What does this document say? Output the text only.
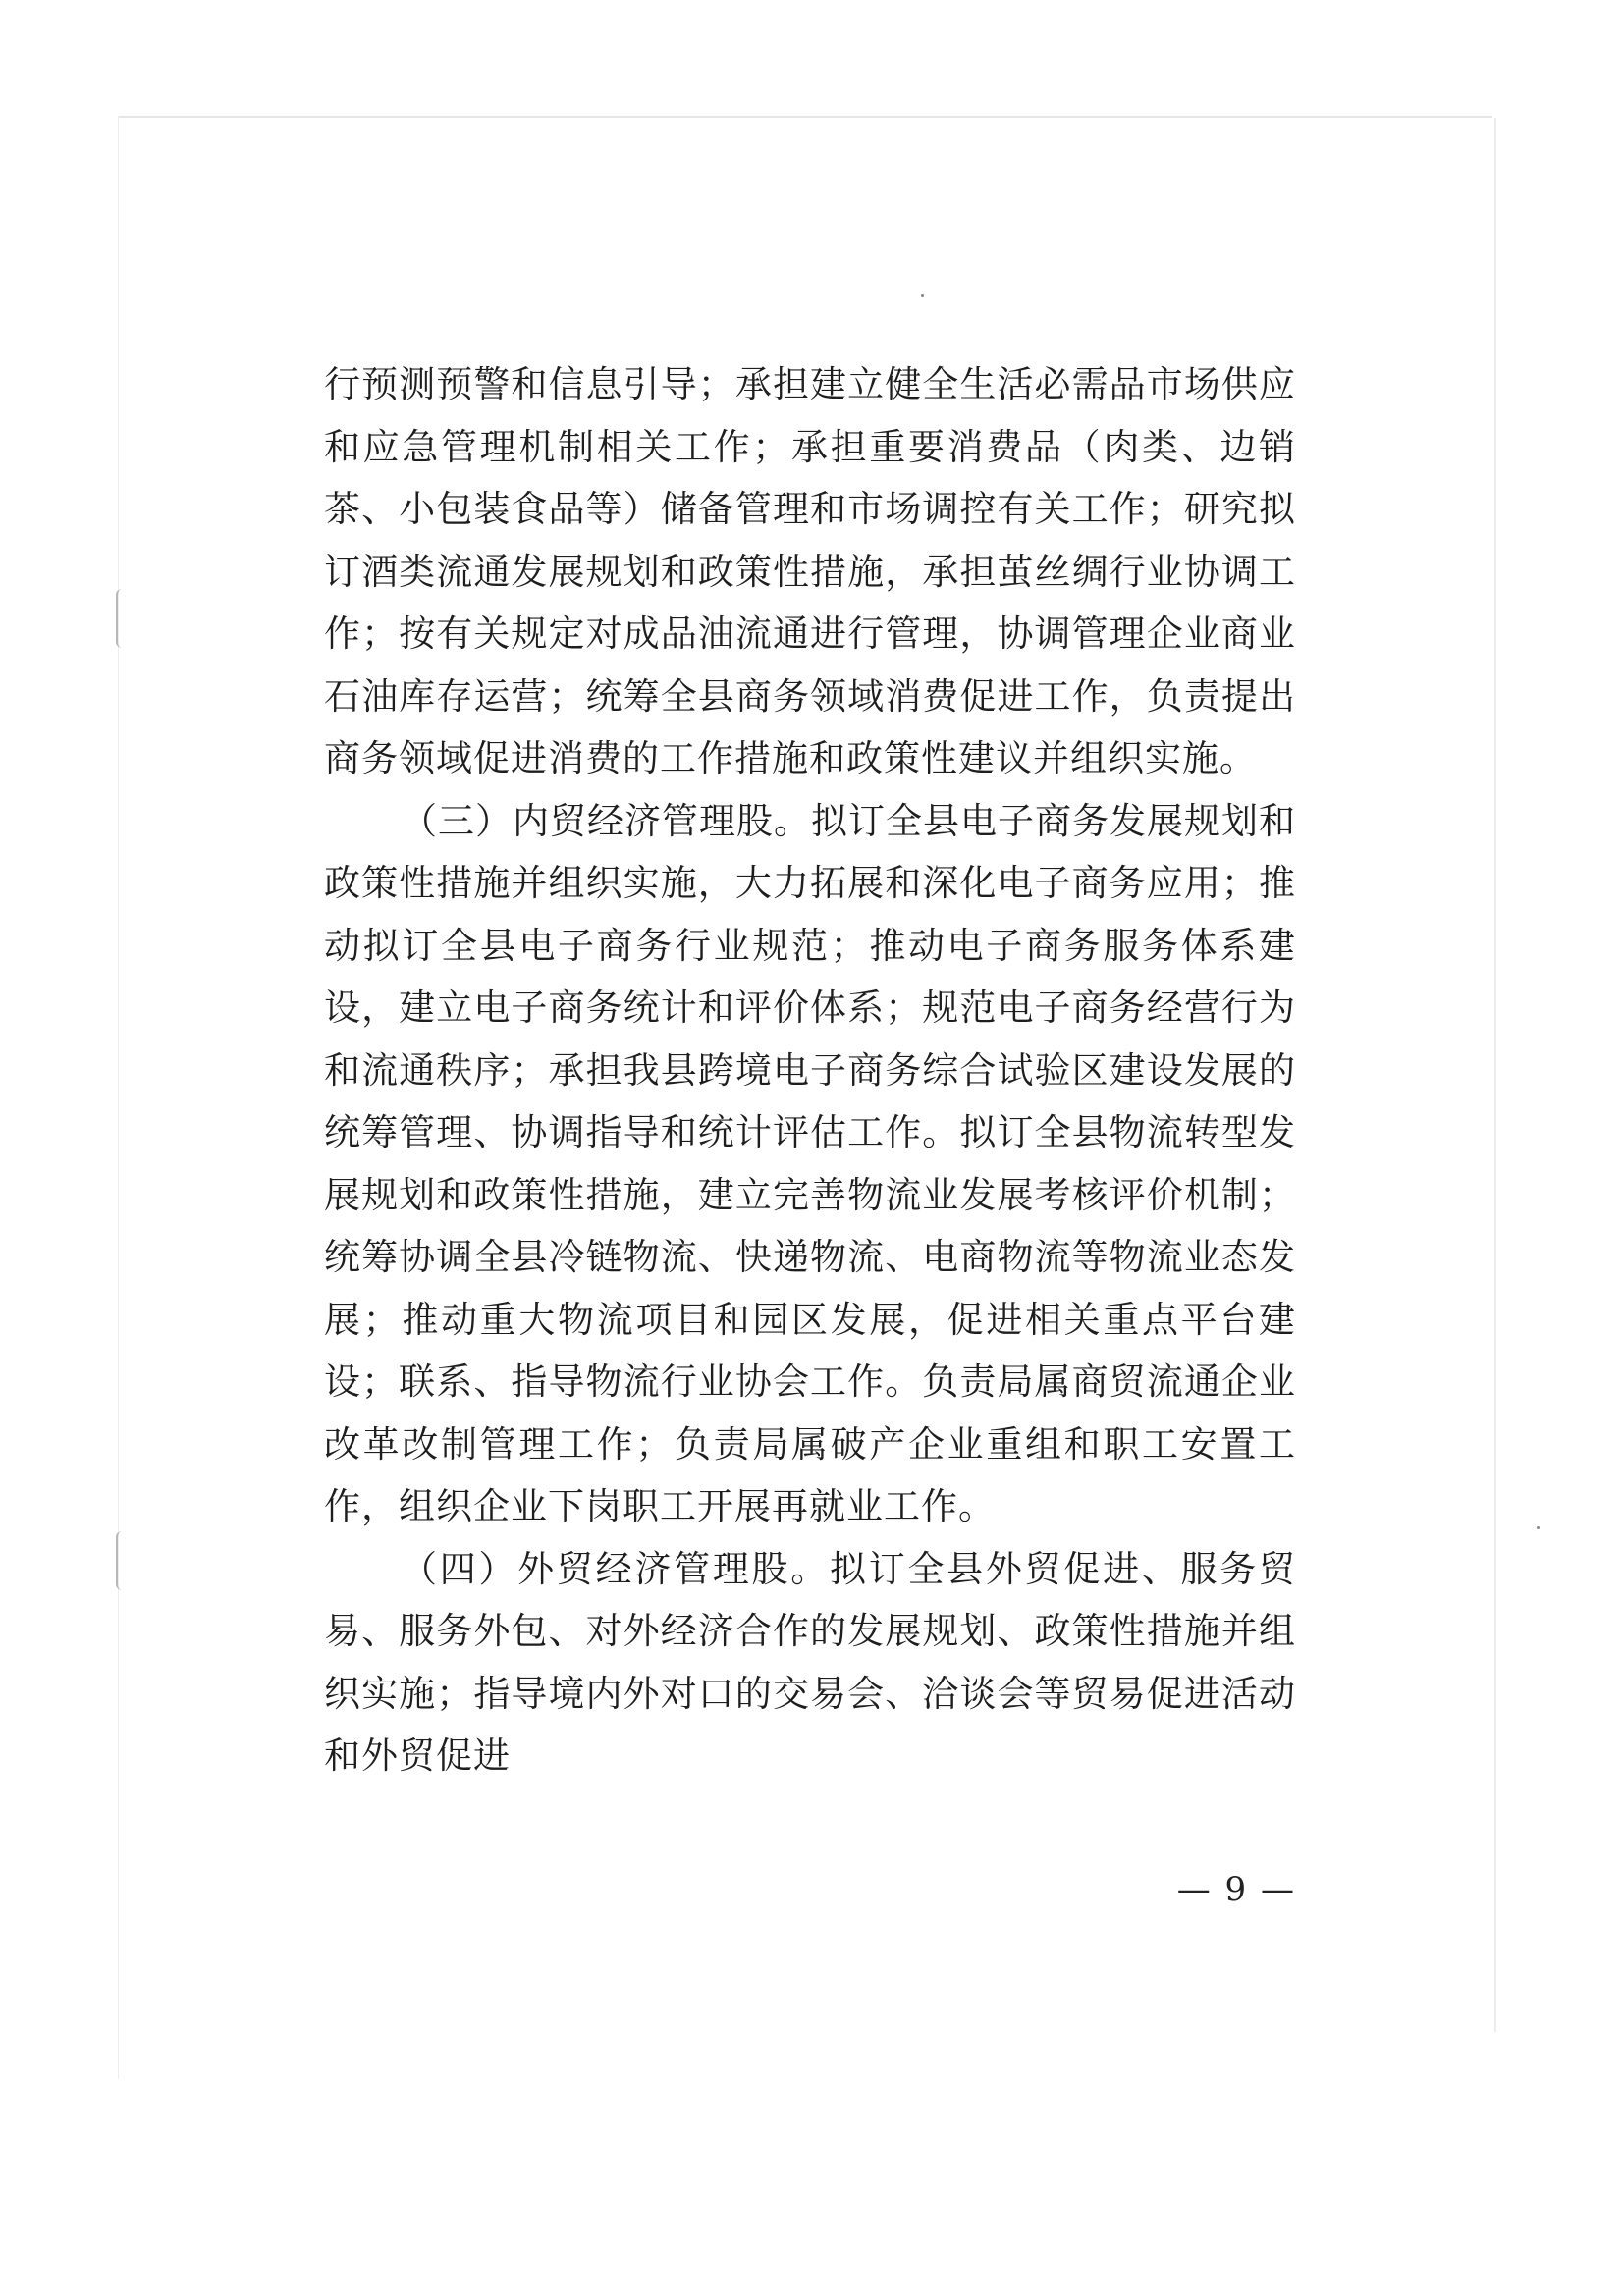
行预测预警和信息引导；承担建立健全生活必需品市场供应和应急管理机制相关工作；承担重要消费品（肉类、边销茶、小包装食品等）储备管理和市场调控有关工作；研究拟订酒类流通发展规划和政策性措施，承担茧丝绸行业协调工作；按有关规定对成品油流通进行管理，协调管理企业商业石油库存运营；统筹全县商务领域消费促进工作，负责提出商务领域促进消费的工作措施和政策性建议并组织实施。

（三）内贸经济管理股。拟订全县电子商务发展规划和政策性措施并组织实施，大力拓展和深化电子商务应用；推动拟订全县电子商务行业规范；推动电子商务服务体系建设，建立电子商务统计和评价体系；规范电子商务经营行为和流通秩序；承担我县跨境电子商务综合试验区建设发展的统筹管理、协调指导和统计评估工作。拟订全县物流转型发展规划和政策性措施，建立完善物流业发展考核评价机制；统筹协调全县冷链物流、快递物流、电商物流等物流业态发展；推动重大物流项目和园区发展，促进相关重点平台建设；联系、指导物流行业协会工作。负责局属商贸流通企业改革改制管理工作；负责局属破产企业重组和职工安置工作，组织企业下岗职工开展再就业工作。

（四）外贸经济管理股。拟订全县外贸促进、服务贸易、服务外包、对外经济合作的发展规划、政策性措施并组织实施；指导境内外对口的交易会、洽谈会等贸易促进活动和外贸促进

— 9 —
